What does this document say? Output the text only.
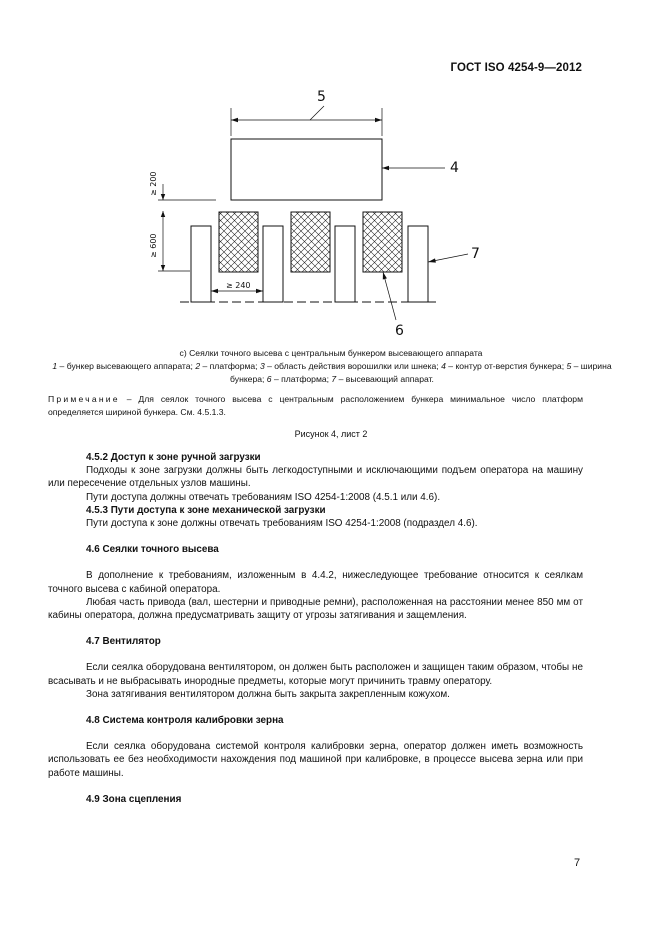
ГОСТ ISO 4254-9—2012
5
4
7
6
≥ 200
≥ 600
≥ 240
с) Сеялки точного высева с центральным бункером высевающего аппарата
1 – бункер высевающего аппарата; 2 – платформа; 3 – область действия ворошилки или шнека; 4 – контур от-верстия бункера; 5 – ширина бункера; 6 – платформа; 7 – высевающий аппарат.
Примечание – Для сеялок точного высева с центральным расположением бункера минимальное число платформ определяется шириной бункера. См. 4.5.1.3.
Рисунок 4, лист 2
4.5.2 Доступ к зоне ручной загрузки

Подходы к зоне загрузки должны быть легкодоступными и исключающими подъем оператора на машину или пересечение отдельных узлов машины.

Пути доступа должны отвечать требованиям ISO 4254-1:2008 (4.5.1 или 4.6).

4.5.3 Пути доступа к зоне механической загрузки

Пути доступа к зоне должны отвечать требованиям ISO 4254-1:2008 (подраздел 4.6).

4.6 Сеялки точного высева

В дополнение к требованиям, изложенным в 4.4.2, нижеследующее требование относится к сеялкам точного высева с кабиной оператора.

Любая часть привода (вал, шестерни и приводные ремни), расположенная на расстоянии менее 850 мм от кабины оператора, должна предусматривать защиту от угрозы затягивания и защемления.

4.7 Вентилятор

Если сеялка оборудована вентилятором, он должен быть расположен и защищен таким образом, чтобы не всасывать и не выбрасывать инородные предметы, которые могут причинить травму оператору.

Зона затягивания вентилятором должна быть закрыта закрепленным кожухом.

4.8 Система контроля калибровки зерна

Если сеялка оборудована системой контроля калибровки зерна, оператор должен иметь возможность использовать ее без необходимости нахождения под машиной при калибровке, в процессе высева зерна или при работе машины.

4.9 Зона сцепления
7
